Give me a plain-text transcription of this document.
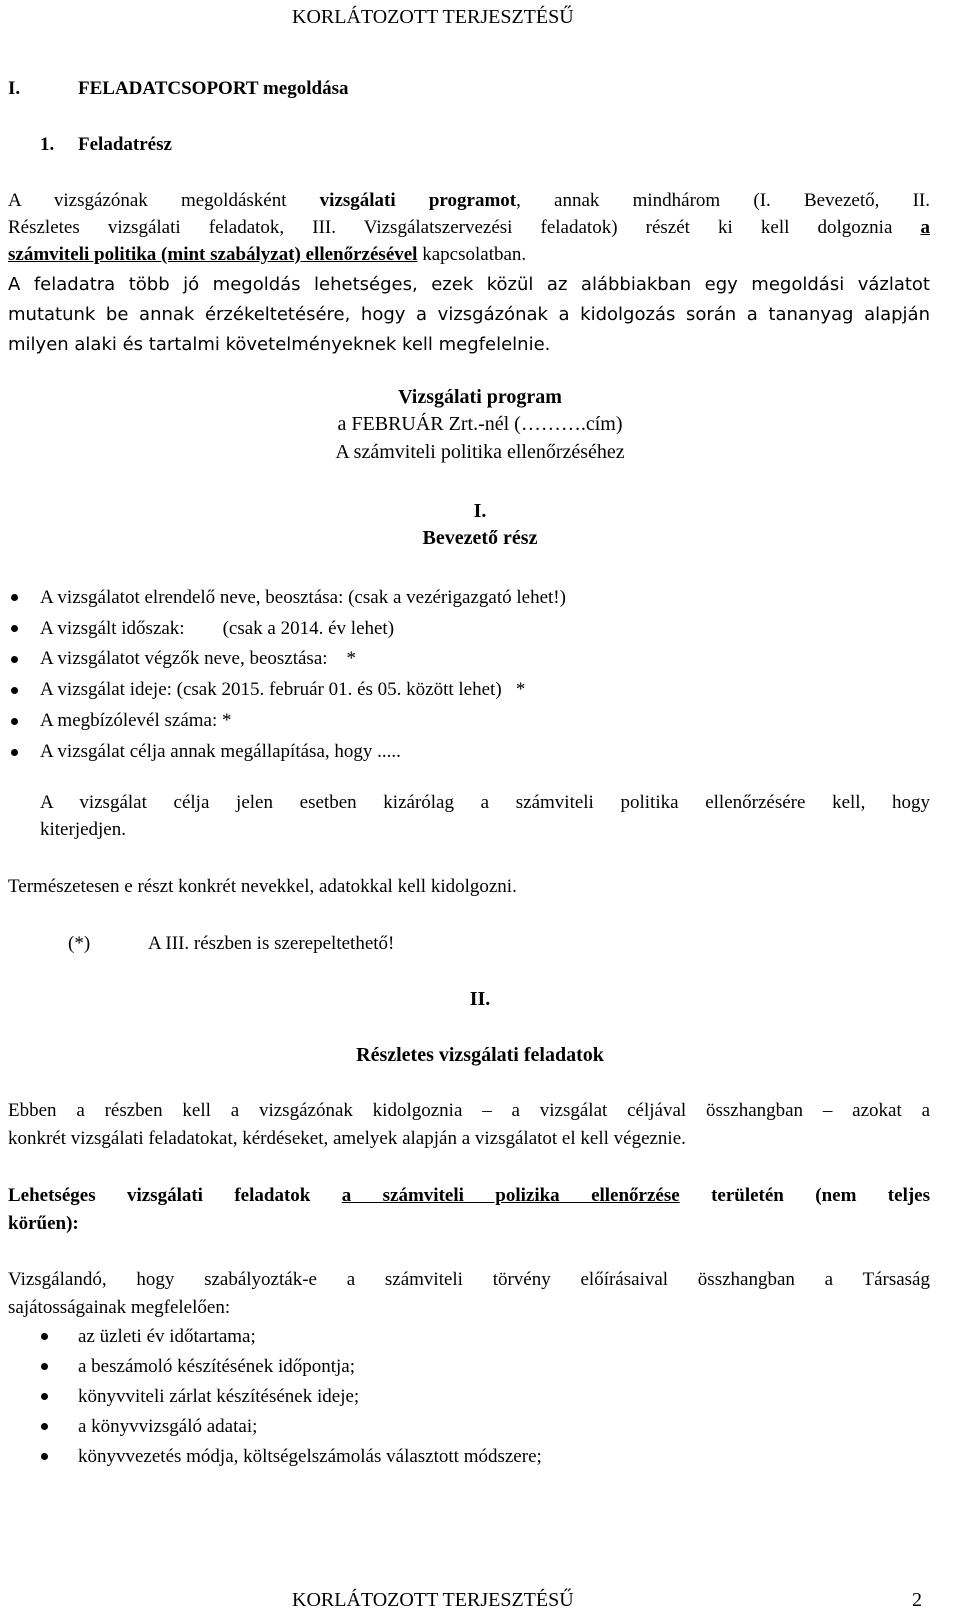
KORLÁTOZOTT TERJESZTÉSŰ
I.	FELADATCSOPORT megoldása
1. Feladatrész
A vizsgázónak megoldásként vizsgálati programot, annak mindhárom (I. Bevezető, II.
Részletes vizsgálati feladatok, III. Vizsgálatszervezési feladatok) részét ki kell dolgoznia a
számviteli politika (mint szabályzat) ellenőrzésével kapcsolatban.
A feladatra több jó megoldás lehetséges, ezek közül az alábbiakban egy megoldási vázlatot
mutatunk be annak érzékeltetésére, hogy a vizsgázónak a kidolgozás során a tananyag alapján
milyen alaki és tartalmi követelményeknek kell megfelelnie.
Vizsgálati program
a FEBRUÁR Zrt.-nél (……….cím)
A számviteli politika ellenőrzéséhez
I.
Bevezető rész
A vizsgálatot elrendelő neve, beosztása: (csak a vezérigazgató lehet!)
A vizsgált időszak:        (csak a 2014. év lehet)
A vizsgálatot végzők neve, beosztása:    *
A vizsgálat ideje: (csak 2015. február 01. és 05. között lehet)   *
A megbízólevél száma: *
A vizsgálat célja annak megállapítása, hogy .....
A vizsgálat célja jelen esetben kizárólag a számviteli politika ellenőrzésére kell, hogy
kiterjedjen.
Természetesen e részt konkrét nevekkel, adatokkal kell kidolgozni.
(*)	A III. részben is szerepeltethető!
II.
Részletes vizsgálati feladatok
Ebben a részben kell a vizsgázónak kidolgoznia – a vizsgálat céljával összhangban – azokat a
konkrét vizsgálati feladatokat, kérdéseket, amelyek alapján a vizsgálatot el kell végeznie.
Lehetséges vizsgálati feladatok a számviteli polizika ellenőrzése területén (nem teljes
körűen):
Vizsgálandó, hogy szabályozták-e a számviteli törvény előírásaival összhangban a Társaság
sajátosságainak megfelelően:
az üzleti év időtartama;
a beszámoló készítésének időpontja;
könyvviteli zárlat készítésének ideje;
a könyvvizsgáló adatai;
könyvvezetés módja, költségelszámolás választott módszere;
KORLÁTOZOTT TERJESZTÉSŰ	2
